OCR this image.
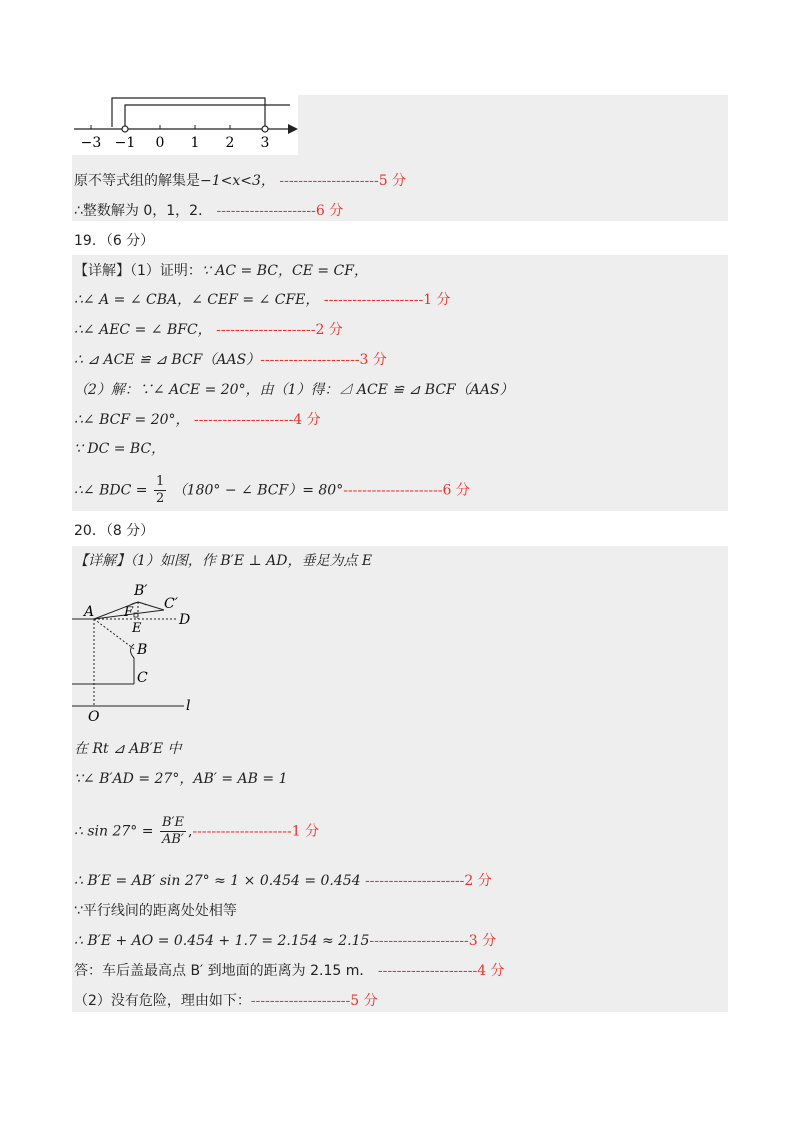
−3 −1 0 1 2 3
原不等式组的解集是−1<x<3， ---------------------5 分
∴整数解为 0，1，2． ---------------------6 分
19．（6 分）
【详解】（1）证明：∵ AC = BC，CE = CF，
∴∠ A = ∠ CBA，∠ CEF = ∠ CFE， ---------------------1 分
∴∠ AEC = ∠ BFC， ---------------------2 分
∴ ⊿ ACE ≌ ⊿ BCF（AAS）---------------------3 分
（2）解：∵∠ ACE = 20°，由（1）得：⊿ ACE ≌ ⊿ BCF（AAS）
∴∠ BCF = 20°， ---------------------4 分
∵ DC = BC，
∴∠ BDC = $\frac{1}{2} (180^\circ$ − ∠ BCF）= 80°---------------------6 分
20．（8 分）
【详解】（1）如图，作 B′E ⊥ AD，垂足为点 E
A
B′
C′
F
E
D
B
C
O
l
在 Rt ⊿ AB′E 中
∵∠ B′AD = 27°，AB′ = AB = 1
∴ $\sin 27^\circ = \frac{B'E}{AB'} ,---------------------1$ 分
∴ B′E = AB′ sin 27° ≈ 1 × 0.454 = 0.454 ---------------------2 分
∵平行线间的距离处处相等
∴ B′E + AO = 0.454 + 1.7 = 2.154 ≈ 2.15---------------------3 分
答：车后盖最高点 B′ 到地面的距离为 2.15 m． ---------------------4 分
（2）没有危险，理由如下：---------------------5 分
